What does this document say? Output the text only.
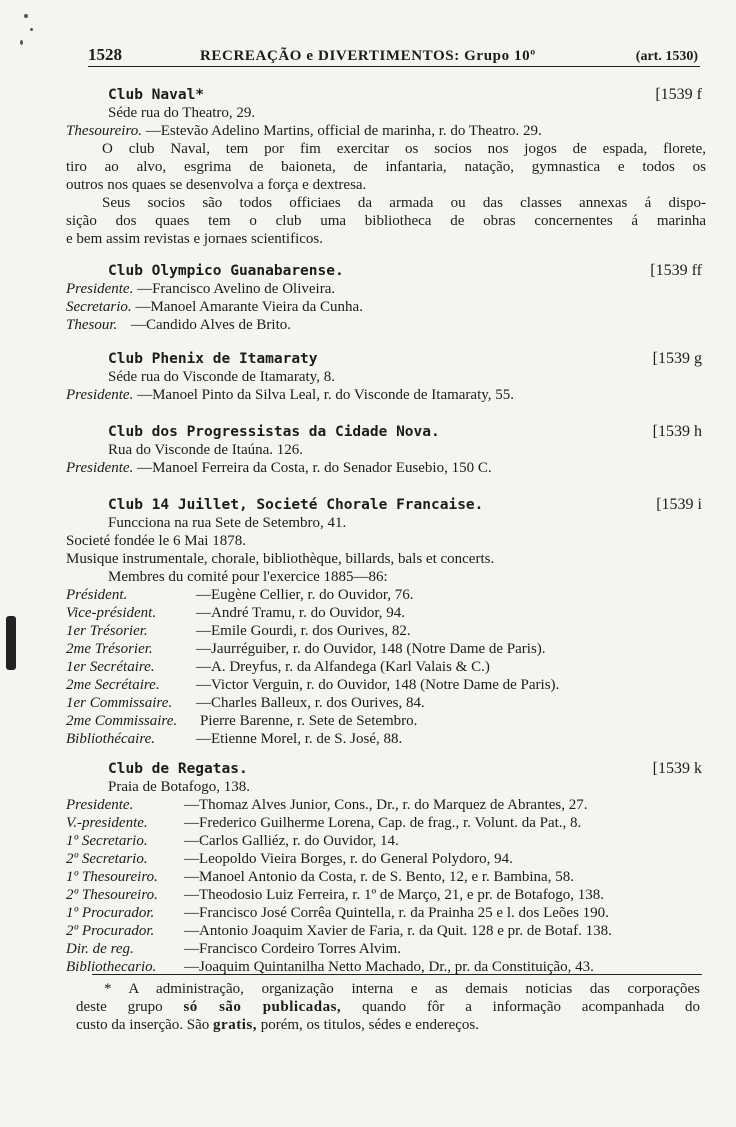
1528	RECREAÇÃO e DIVERTIMENTOS: Grupo 10º	(art. 1530)
Club Naval*	[1539 f
Séde rua do Theatro, 29.
Thesoureiro. —Estevão Adelino Martins, official de marinha, r. do Theatro. 29.
O club Naval, tem por fim exercitar os socios nos jogos de espada, florete,
tiro ao alvo, esgrima de baioneta, de infantaria, natação, gymnastica e todos os
outros nos quaes se desenvolva a força e dextresa.
Seus socios são todos officiaes da armada ou das classes annexas á dispo-
sição dos quaes tem o club uma bibliotheca de obras concernentes á marinha
e bem assim revistas e jornaes scientificos.
Club Olympico Guanabarense.	[1539 ff
Presidente. —Francisco Avelino de Oliveira.
Secretario. —Manoel Amarante Vieira da Cunha.
Thesour. —Candido Alves de Brito.
Club Phenix de Itamaraty	[1539 g
Séde rua do Visconde de Itamaraty, 8.
Presidente. —Manoel Pinto da Silva Leal, r. do Visconde de Itamaraty, 55.
Club dos Progressistas da Cidade Nova.	[1539 h
Rua do Visconde de Itaúna. 126.
Presidente. —Manoel Ferreira da Costa, r. do Senador Eusebio, 150 C.
Club 14 Juillet, Societé Chorale Francaise.	[1539 i
Funcciona na rua Sete de Setembro, 41.
Societé fondée le 6 Mai 1878.
Musique instrumentale, chorale, bibliothèque, billards, bals et concerts.
Membres du comité pour l'exercice 1885—86:
Président.	—Eugène Cellier, r. do Ouvidor, 76.
Vice-président.	—André Tramu, r. do Ouvidor, 94.
1er Trésorier.	—Emile Gourdi, r. dos Ourives, 82.
2me Trésorier.	—Jaurréguiber, r. do Ouvidor, 148 (Notre Dame de Paris).
1er Secrétaire.	—A. Dreyfus, r. da Alfandega (Karl Valais & C.)
2me Secrétaire. —Victor Verguin, r. do Ouvidor, 148 (Notre Dame de Paris).
1er Commissaire. —Charles Balleux, r. dos Ourives, 84.
2me Commissaire. Pierre Barenne, r. Sete de Setembro.
Bibliothécaire.	—Etienne Morel, r. de S. José, 88.
Club de Regatas.	[1539 k
Praia de Botafogo, 138.
Presidente.	—Thomaz Alves Junior, Cons., Dr., r. do Marquez de Abrantes, 27.
V.-presidente. —Frederico Guilherme Lorena, Cap. de frag., r. Volunt. da Pat., 8.
1º Secretario. —Carlos Galliéz, r. do Ouvidor, 14.
2º Secretario. —Leopoldo Vieira Borges, r. do General Polydoro, 94.
1º Thesoureiro. —Manoel Antonio da Costa, r. de S. Bento, 12, e r. Bambina, 58.
2º Thesoureiro. —Theodosio Luiz Ferreira, r. 1º de Março, 21, e pr. de Botafogo, 138.
1º Procurador. —Francisco José Corrêa Quintella, r. da Prainha 25 e l. dos Leões 190.
2º Procurador. —Antonio Joaquim Xavier de Faria, r. da Quit. 128 e pr. de Botaf. 138.
Dir. de reg.	—Francisco Cordeiro Torres Alvim.
Bibliothecario. —Joaquim Quintanilha Netto Machado, Dr., pr. da Constituição, 43.
* A administração, organização interna e as demais noticias das corporações
deste grupo só são publicadas, quando fôr a informação acompanhada do
custo da inserção. São gratis, porém, os titulos, sédes e endereços.
